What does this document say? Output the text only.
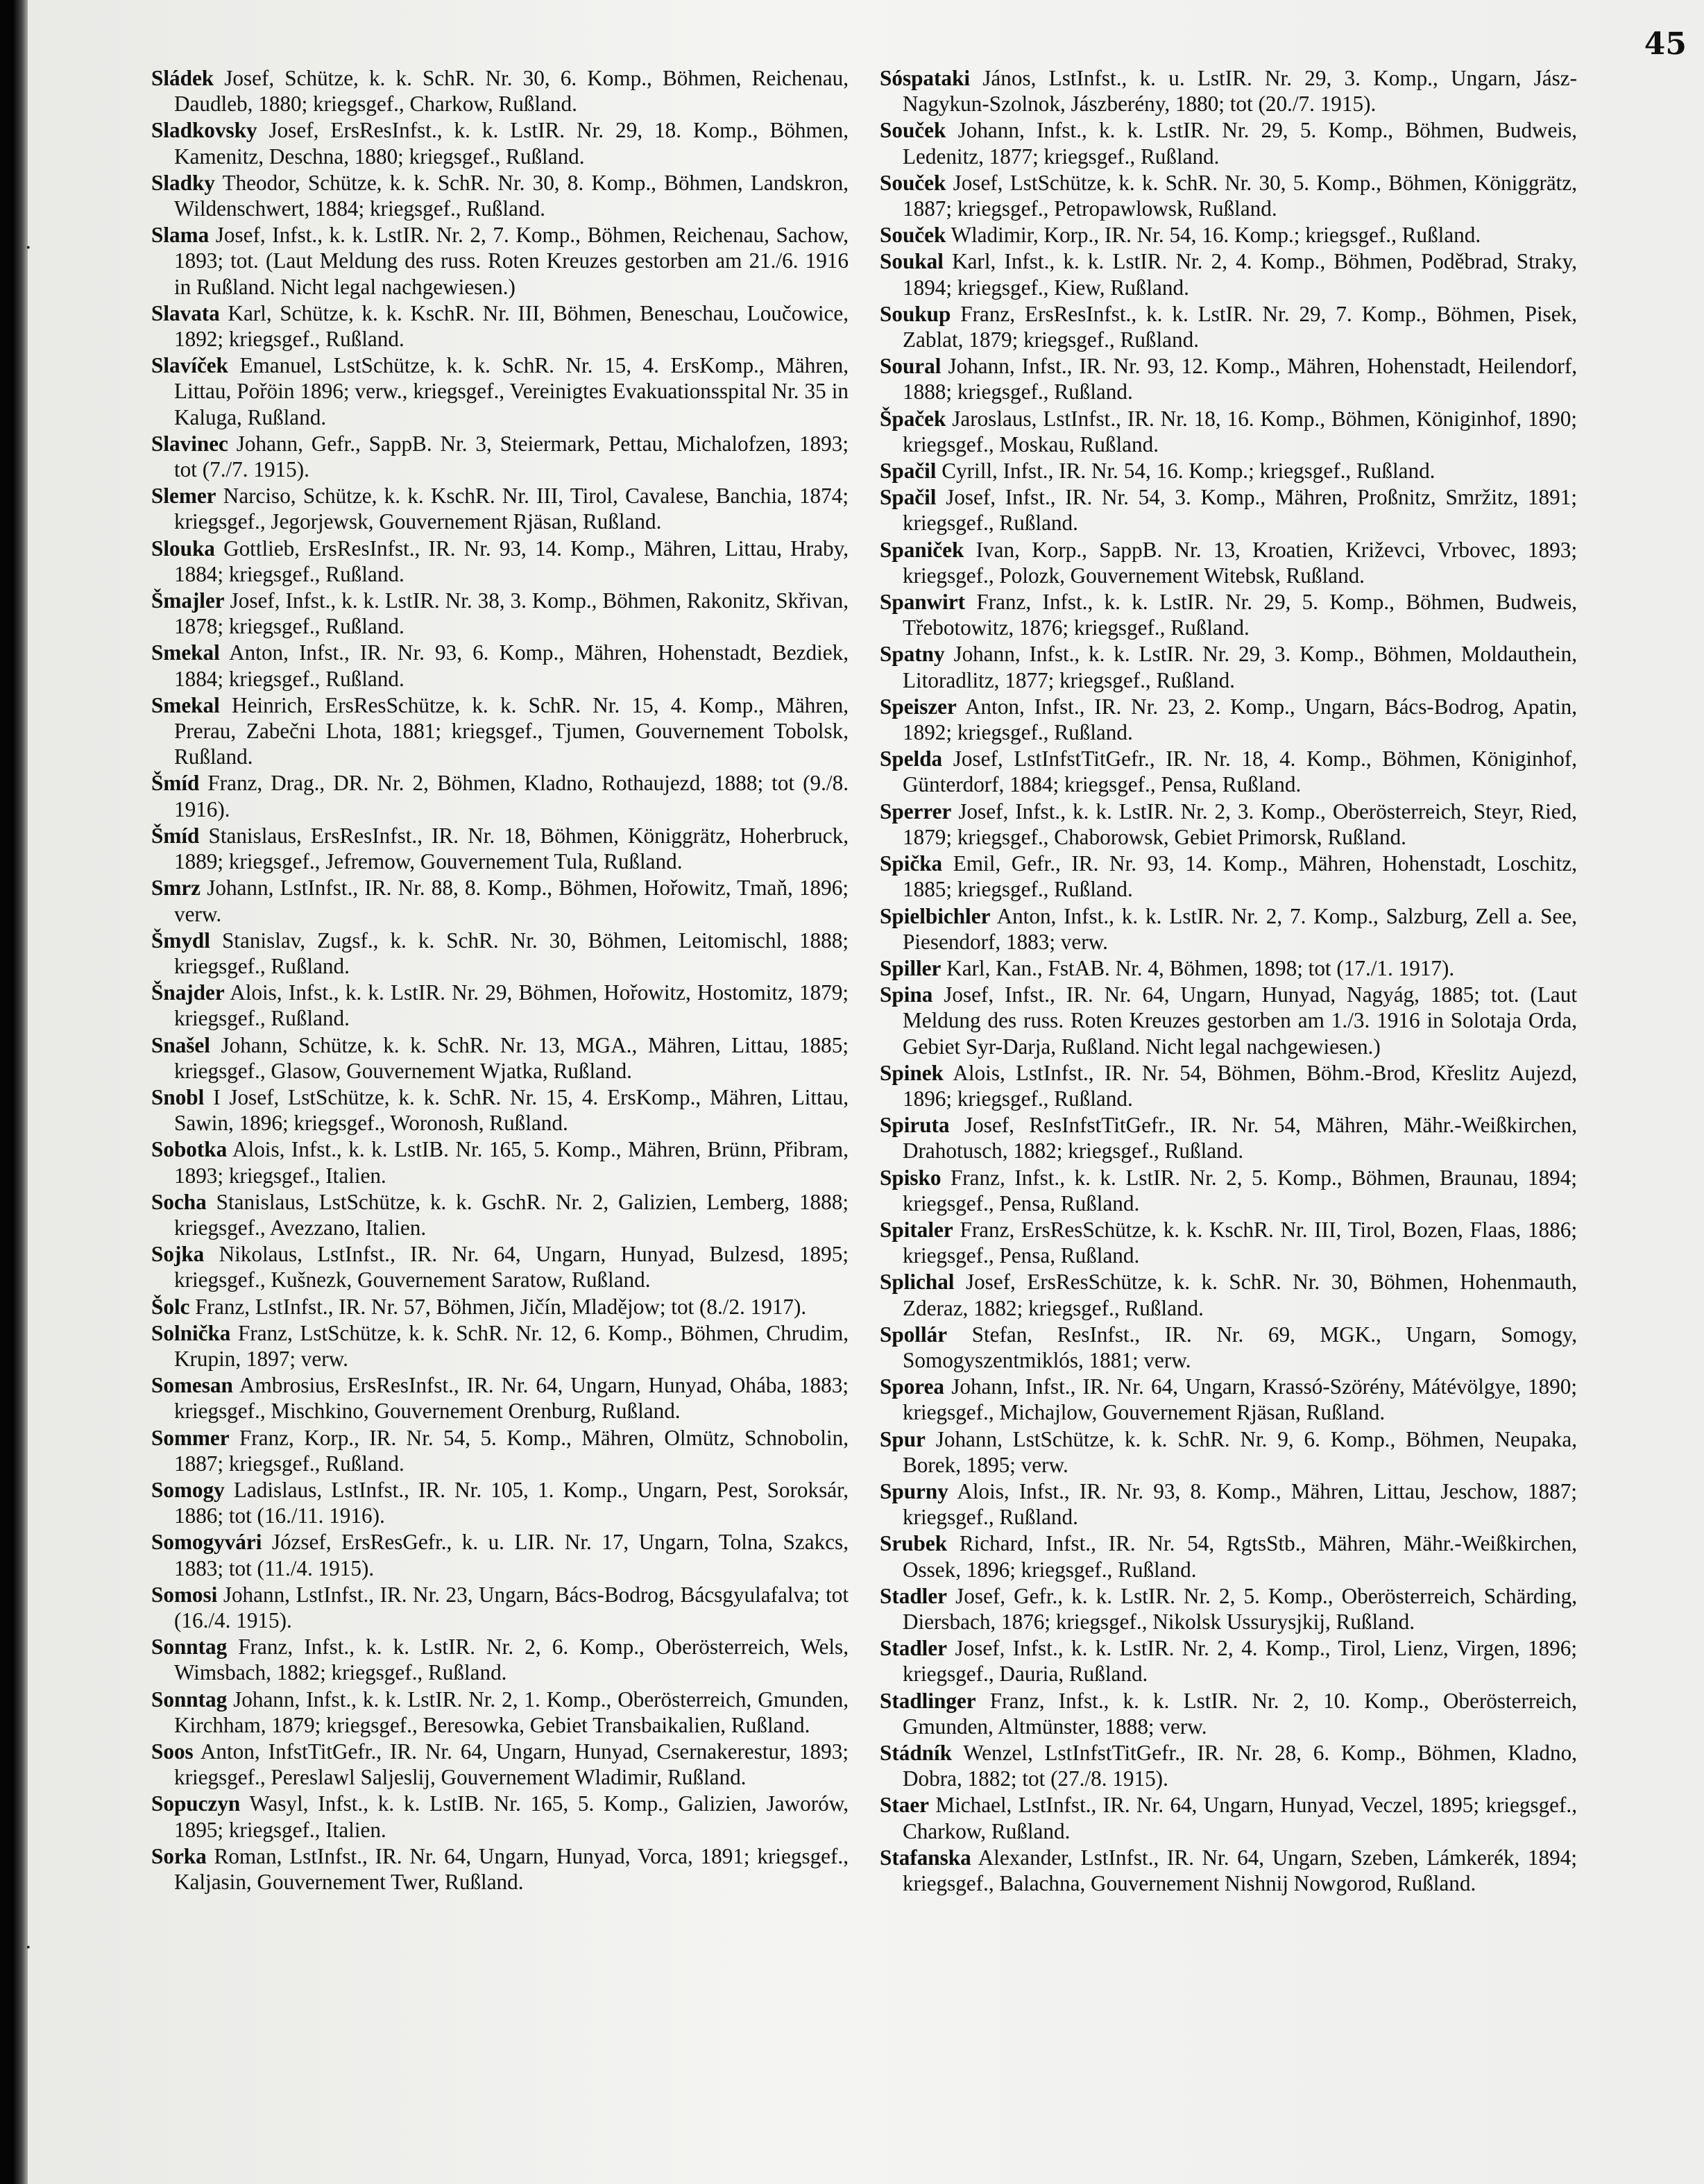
45
Sládek Josef, Schütze, k. k. SchR. Nr. 30, 6. Komp., Böhmen, Reichenau, Daudleb, 1880; kriegsgef., Charkow, Rußland.
Sladkovsky Josef, ErsResInfst., k. k. LstIR. Nr. 29, 18. Komp., Böhmen, Kamenitz, Deschna, 1880; kriegsgef., Rußland.
Sladky Theodor, Schütze, k. k. SchR. Nr. 30, 8. Komp., Böhmen, Landskron, Wildenschwert, 1884; kriegsgef., Rußland.
Slama Josef, Infst., k. k. LstIR. Nr. 2, 7. Komp., Böhmen, Reichenau, Sachow, 1893; tot. (Laut Meldung des russ. Roten Kreuzes gestorben am 21./6. 1916 in Rußland. Nicht legal nachgewiesen.)
Slavata Karl, Schütze, k. k. KschR. Nr. III, Böhmen, Beneschau, Loučowice, 1892; kriegsgef., Rußland.
Slavíček Emanuel, LstSchütze, k. k. SchR. Nr. 15, 4. ErsKomp., Mähren, Littau, Pořöin 1896; verw., kriegsgef., Vereinigtes Evakuationsspital Nr. 35 in Kaluga, Rußland.
Slavinec Johann, Gefr., SappB. Nr. 3, Steiermark, Pettau, Michalofzen, 1893; tot (7./7. 1915).
Slemer Narciso, Schütze, k. k. KschR. Nr. III, Tirol, Cavalese, Banchia, 1874; kriegsgef., Jegorjewsk, Gouvernement Rjäsan, Rußland.
Slouka Gottlieb, ErsResInfst., IR. Nr. 93, 14. Komp., Mähren, Littau, Hraby, 1884; kriegsgef., Rußland.
Šmajler Josef, Infst., k. k. LstIR. Nr. 38, 3. Komp., Böhmen, Rakonitz, Skřivan, 1878; kriegsgef., Rußland.
Smekal Anton, Infst., IR. Nr. 93, 6. Komp., Mähren, Hohenstadt, Bezdiek, 1884; kriegsgef., Rußland.
Smekal Heinrich, ErsResSchütze, k. k. SchR. Nr. 15, 4. Komp., Mähren, Prerau, Zabečni Lhota, 1881; kriegsgef., Tjumen, Gouvernement Tobolsk, Rußland.
Šmíd Franz, Drag., DR. Nr. 2, Böhmen, Kladno, Rothaujezd, 1888; tot (9./8. 1916).
Šmíd Stanislaus, ErsResInfst., IR. Nr. 18, Böhmen, Königgrätz, Hoherbruck, 1889; kriegsgef., Jefremow, Gouvernement Tula, Rußland.
Smrz Johann, LstInfst., IR. Nr. 88, 8. Komp., Böhmen, Hořowitz, Tmaň, 1896; verw.
Šmydl Stanislav, Zugsf., k. k. SchR. Nr. 30, Böhmen, Leitomischl, 1888; kriegsgef., Rußland.
Šnajder Alois, Infst., k. k. LstIR. Nr. 29, Böhmen, Hořowitz, Hostomitz, 1879; kriegsgef., Rußland.
Snašel Johann, Schütze, k. k. SchR. Nr. 13, MGA., Mähren, Littau, 1885; kriegsgef., Glasow, Gouvernement Wjatka, Rußland.
Snobl I Josef, LstSchütze, k. k. SchR. Nr. 15, 4. ErsKomp., Mähren, Littau, Sawin, 1896; kriegsgef., Woronosh, Rußland.
Sobotka Alois, Infst., k. k. LstIB. Nr. 165, 5. Komp., Mähren, Brünn, Přibram, 1893; kriegsgef., Italien.
Socha Stanislaus, LstSchütze, k. k. GschR. Nr. 2, Galizien, Lemberg, 1888; kriegsgef., Avezzano, Italien.
Sojka Nikolaus, LstInfst., IR. Nr. 64, Ungarn, Hunyad, Bulzesd, 1895; kriegsgef., Kušnezk, Gouvernement Saratow, Rußland.
Šolc Franz, LstInfst., IR. Nr. 57, Böhmen, Jičín, Mladějow; tot (8./2. 1917).
Solnička Franz, LstSchütze, k. k. SchR. Nr. 12, 6. Komp., Böhmen, Chrudim, Krupin, 1897; verw.
Somesan Ambrosius, ErsResInfst., IR. Nr. 64, Ungarn, Hunyad, Ohába, 1883; kriegsgef., Mischkino, Gouvernement Orenburg, Rußland.
Sommer Franz, Korp., IR. Nr. 54, 5. Komp., Mähren, Olmütz, Schnobolin, 1887; kriegsgef., Rußland.
Somogy Ladislaus, LstInfst., IR. Nr. 105, 1. Komp., Ungarn, Pest, Soroksár, 1886; tot (16./11. 1916).
Somogyvári József, ErsResGefr., k. u. LIR. Nr. 17, Ungarn, Tolna, Szakcs, 1883; tot (11./4. 1915).
Somosi Johann, LstInfst., IR. Nr. 23, Ungarn, Bács-Bodrog, Bácsgyulafalva; tot (16./4. 1915).
Sonntag Franz, Infst., k. k. LstIR. Nr. 2, 6. Komp., Oberösterreich, Wels, Wimsbach, 1882; kriegsgef., Rußland.
Sonntag Johann, Infst., k. k. LstIR. Nr. 2, 1. Komp., Oberösterreich, Gmunden, Kirchham, 1879; kriegsgef., Beresowka, Gebiet Transbaikalien, Rußland.
Soos Anton, InfstTitGefr., IR. Nr. 64, Ungarn, Hunyad, Csernakerestur, 1893; kriegsgef., Pereslawl Saljeslij, Gouvernement Wladimir, Rußland.
Sopuczyn Wasyl, Infst., k. k. LstIB. Nr. 165, 5. Komp., Galizien, Jaworów, 1895; kriegsgef., Italien.
Sorka Roman, LstInfst., IR. Nr. 64, Ungarn, Hunyad, Vorca, 1891; kriegsgef., Kaljasin, Gouvernement Twer, Rußland.
Sóspataki János, LstInfst., k. u. LstIR. Nr. 29, 3. Komp., Ungarn, Jász-Nagykun-Szolnok, Jászberény, 1880; tot (20./7. 1915).
Souček Johann, Infst., k. k. LstIR. Nr. 29, 5. Komp., Böhmen, Budweis, Ledenitz, 1877; kriegsgef., Rußland.
Souček Josef, LstSchütze, k. k. SchR. Nr. 30, 5. Komp., Böhmen, Königgrätz, 1887; kriegsgef., Petropawlowsk, Rußland.
Souček Wladimir, Korp., IR. Nr. 54, 16. Komp.; kriegsgef., Rußland.
Soukal Karl, Infst., k. k. LstIR. Nr. 2, 4. Komp., Böhmen, Poděbrad, Straky, 1894; kriegsgef., Kiew, Rußland.
Soukup Franz, ErsResInfst., k. k. LstIR. Nr. 29, 7. Komp., Böhmen, Pisek, Zablat, 1879; kriegsgef., Rußland.
Soural Johann, Infst., IR. Nr. 93, 12. Komp., Mähren, Hohenstadt, Heilendorf, 1888; kriegsgef., Rußland.
Špaček Jaroslaus, LstInfst., IR. Nr. 18, 16. Komp., Böhmen, Königinhof, 1890; kriegsgef., Moskau, Rußland.
Spačil Cyrill, Infst., IR. Nr. 54, 16. Komp.; kriegsgef., Rußland.
Spačil Josef, Infst., IR. Nr. 54, 3. Komp., Mähren, Proßnitz, Smržitz, 1891; kriegsgef., Rußland.
Spaniček Ivan, Korp., SappB. Nr. 13, Kroatien, Križevci, Vrbovec, 1893; kriegsgef., Polozk, Gouvernement Witebsk, Rußland.
Spanwirt Franz, Infst., k. k. LstIR. Nr. 29, 5. Komp., Böhmen, Budweis, Třebotowitz, 1876; kriegsgef., Rußland.
Spatny Johann, Infst., k. k. LstIR. Nr. 29, 3. Komp., Böhmen, Moldauthein, Litoradlitz, 1877; kriegsgef., Rußland.
Speiszer Anton, Infst., IR. Nr. 23, 2. Komp., Ungarn, Bács-Bodrog, Apatin, 1892; kriegsgef., Rußland.
Spelda Josef, LstInfstTitGefr., IR. Nr. 18, 4. Komp., Böhmen, Königinhof, Günterdorf, 1884; kriegsgef., Pensa, Rußland.
Sperrer Josef, Infst., k. k. LstIR. Nr. 2, 3. Komp., Oberösterreich, Steyr, Ried, 1879; kriegsgef., Chaborowsk, Gebiet Primorsk, Rußland.
Spička Emil, Gefr., IR. Nr. 93, 14. Komp., Mähren, Hohenstadt, Loschitz, 1885; kriegsgef., Rußland.
Spielbichler Anton, Infst., k. k. LstIR. Nr. 2, 7. Komp., Salzburg, Zell a. See, Piesendorf, 1883; verw.
Spiller Karl, Kan., FstAB. Nr. 4, Böhmen, 1898; tot (17./1. 1917).
Spina Josef, Infst., IR. Nr. 64, Ungarn, Hunyad, Nagyág, 1885; tot. (Laut Meldung des russ. Roten Kreuzes gestorben am 1./3. 1916 in Solotaja Orda, Gebiet Syr-Darja, Rußland. Nicht legal nachgewiesen.)
Spinek Alois, LstInfst., IR. Nr. 54, Böhmen, Böhm.-Brod, Křeslitz Aujezd, 1896; kriegsgef., Rußland.
Spiruta Josef, ResInfstTitGefr., IR. Nr. 54, Mähren, Mähr.-Weißkirchen, Drahotusch, 1882; kriegsgef., Rußland.
Spisko Franz, Infst., k. k. LstIR. Nr. 2, 5. Komp., Böhmen, Braunau, 1894; kriegsgef., Pensa, Rußland.
Spitaler Franz, ErsResSchütze, k. k. KschR. Nr. III, Tirol, Bozen, Flaas, 1886; kriegsgef., Pensa, Rußland.
Splichal Josef, ErsResSchütze, k. k. SchR. Nr. 30, Böhmen, Hohenmauth, Zderaz, 1882; kriegsgef., Rußland.
Spollár Stefan, ResInfst., IR. Nr. 69, MGK., Ungarn, Somogy, Somogyszentmiklós, 1881; verw.
Sporea Johann, Infst., IR. Nr. 64, Ungarn, Krassó-Szörény, Mátévölgye, 1890; kriegsgef., Michajlow, Gouvernement Rjäsan, Rußland.
Spur Johann, LstSchütze, k. k. SchR. Nr. 9, 6. Komp., Böhmen, Neupaka, Borek, 1895; verw.
Spurny Alois, Infst., IR. Nr. 93, 8. Komp., Mähren, Littau, Jeschow, 1887; kriegsgef., Rußland.
Srubek Richard, Infst., IR. Nr. 54, RgtsStb., Mähren, Mähr.-Weißkirchen, Ossek, 1896; kriegsgef., Rußland.
Stadler Josef, Gefr., k. k. LstIR. Nr. 2, 5. Komp., Oberösterreich, Schärding, Diersbach, 1876; kriegsgef., Nikolsk Ussurysjkij, Rußland.
Stadler Josef, Infst., k. k. LstIR. Nr. 2, 4. Komp., Tirol, Lienz, Virgen, 1896; kriegsgef., Dauria, Rußland.
Stadlinger Franz, Infst., k. k. LstIR. Nr. 2, 10. Komp., Oberösterreich, Gmunden, Altmünster, 1888; verw.
Stádník Wenzel, LstInfstTitGefr., IR. Nr. 28, 6. Komp., Böhmen, Kladno, Dobra, 1882; tot (27./8. 1915).
Staer Michael, LstInfst., IR. Nr. 64, Ungarn, Hunyad, Veczel, 1895; kriegsgef., Charkow, Rußland.
Stafanska Alexander, LstInfst., IR. Nr. 64, Ungarn, Szeben, Lámkerék, 1894; kriegsgef., Balachna, Gouvernement Nishnij Nowgorod, Rußland.
·
·
